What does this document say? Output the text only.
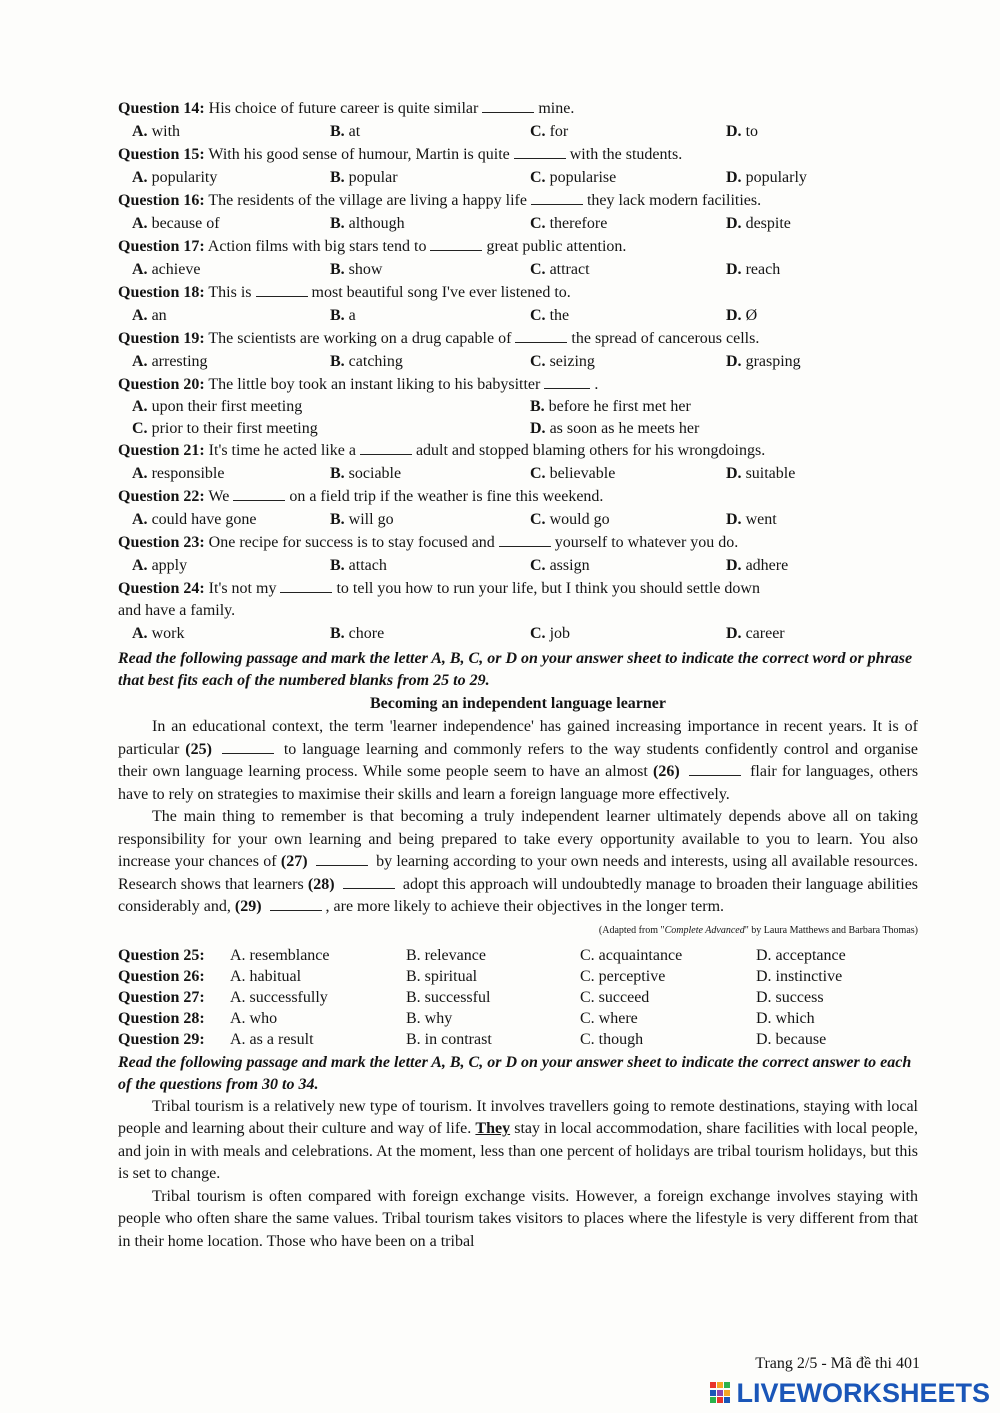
Question 14: His choice of future career is quite similar	mine.
A. with	B. at	C. for	D. to
Question 15: With his good sense of humour, Martin is quite	with the students.
A. popularity	B. popular	C. popularise	D. popularly
Question 16: The residents of the village are living a happy life	they lack modern facilities.
A. because of	B. although	C. therefore	D. despite
Question 17: Action films with big stars tend to	great public attention.
A. achieve	B. show	C. attract	D. reach
Question 18: This is	most beautiful song I've ever listened to.
A. an	B. a	C. the	D. Ø
Question 19: The scientists are working on a drug capable of	the spread of cancerous cells.
A. arresting	B. catching	C. seizing	D. grasping
Question 20: The little boy took an instant liking to his babysitter	.
A. upon their first meeting	B. before he first met her
C. prior to their first meeting	D. as soon as he meets her
Question 21: It's time he acted like a	adult and stopped blaming others for his wrongdoings.
A. responsible	B. sociable	C. believable	D. suitable
Question 22: We	on a field trip if the weather is fine this weekend.
A. could have gone	B. will go	C. would go	D. went
Question 23: One recipe for success is to stay focused and	yourself to whatever you do.
A. apply	B. attach	C. assign	D. adhere
Question 24: It's not my	to tell you how to run your life, but I think you should settle down
and have a family.
A. work	B. chore	C. job	D. career
Read the following passage and mark the letter A, B, C, or D on your answer sheet to indicate the correct word or phrase that best fits each of the numbered blanks from 25 to 29.
Becoming an independent language learner

In an educational context, the term 'learner independence' has gained increasing importance in recent years. It is of particular (25)	to language learning and commonly refers to the way students confidently control and organise their own language learning process. While some people seem to have an almost (26)	flair for languages, others have to rely on strategies to maximise their skills and learn a foreign language more effectively.

The main thing to remember is that becoming a truly independent learner ultimately depends above all on taking responsibility for your own learning and being prepared to take every opportunity available to you to learn. You also increase your chances of (27)	by learning according to your own needs and interests, using all available resources. Research shows that learners (28)	adopt this approach will undoubtedly manage to broaden their language abilities considerably and, (29)	, are more likely to achieve their objectives in the longer term.

(Adapted from "Complete Advanced" by Laura Matthews and Barbara Thomas)
Question 25: A. resemblance	B. relevance	C. acquaintance	D. acceptance
Question 26: A. habitual	B. spiritual	C. perceptive	D. instinctive
Question 27: A. successfully	B. successful	C. succeed	D. success
Question 28: A. who	B. why	C. where	D. which
Question 29: A. as a result	B. in contrast	C. though	D. because
Read the following passage and mark the letter A, B, C, or D on your answer sheet to indicate the correct answer to each of the questions from 30 to 34.

Tribal tourism is a relatively new type of tourism. It involves travellers going to remote destinations, staying with local people and learning about their culture and way of life. They stay in local accommodation, share facilities with local people, and join in with meals and celebrations. At the moment, less than one percent of holidays are tribal tourism holidays, but this is set to change.

Tribal tourism is often compared with foreign exchange visits. However, a foreign exchange involves staying with people who often share the same values. Tribal tourism takes visitors to places where the lifestyle is very different from that in their home location. Those who have been on a tribal

Trang 2/5 - Mã đề thi 401
LIVEWORKSHEETS
